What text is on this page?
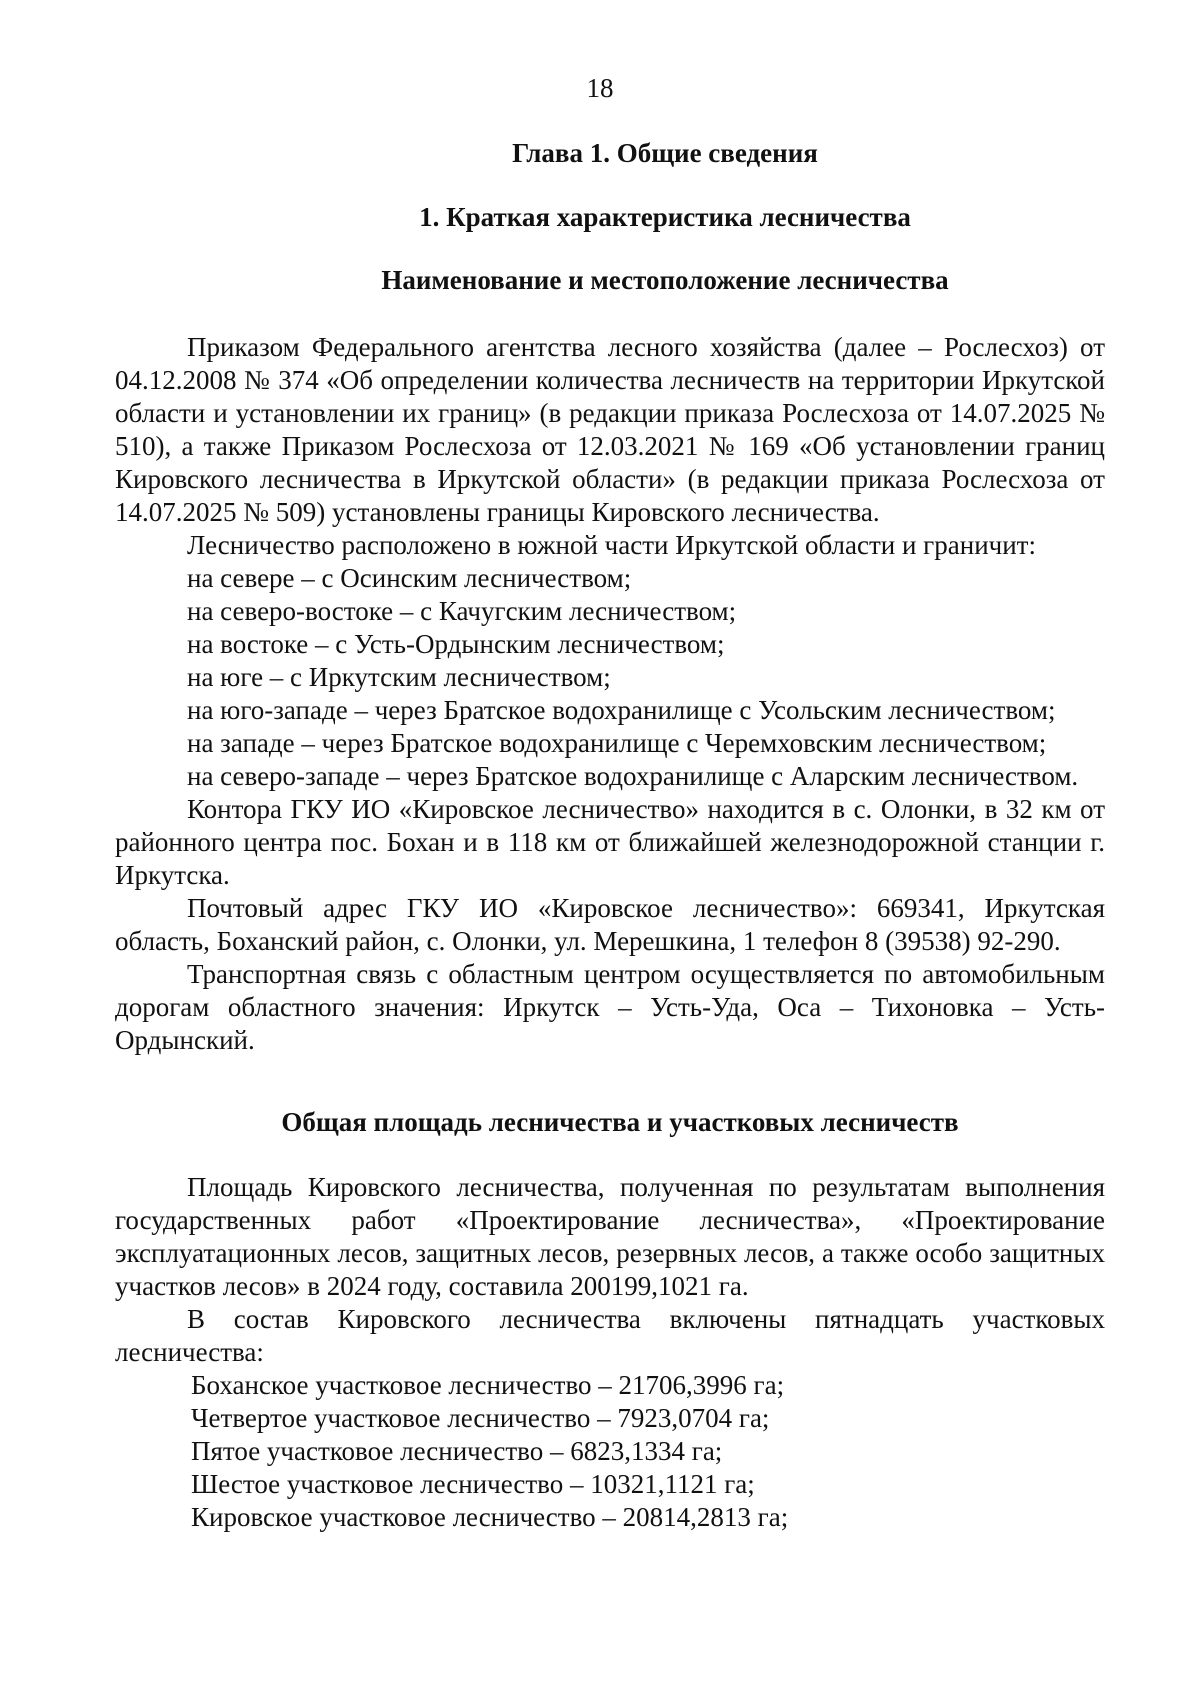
18
Глава 1. Общие сведения
1. Краткая характеристика лесничества
Наименование и местоположение лесничества

Приказом Федерального агентства лесного хозяйства (далее – Рослесхоз) от 04.12.2008 № 374 «Об определении количества лесничеств на территории Иркутской области и установлении их границ» (в редакции приказа Рослесхоза от 14.07.2025 № 510), а также Приказом Рослесхоза от 12.03.2021 № 169 «Об установлении границ Кировского лесничества в Иркутской области» (в редакции приказа Рослесхоза от 14.07.2025 № 509) установлены границы Кировского лесничества.

Лесничество расположено в южной части Иркутской области и граничит:

на севере – с Осинским лесничеством;

на северо-востоке – с Качугским лесничеством;

на востоке – с Усть-Ордынским лесничеством;

на юге – с Иркутским лесничеством;

на юго-западе – через Братское водохранилище с Усольским лесничеством;

на западе – через Братское водохранилище с Черемховским лесничеством;

на северо-западе – через Братское водохранилище с Аларским лесничеством.

Контора ГКУ ИО «Кировское лесничество» находится в с. Олонки, в 32 км от районного центра пос. Бохан и в 118 км от ближайшей железнодорожной станции г. Иркутска.

Почтовый адрес ГКУ ИО «Кировское лесничество»: 669341, Иркутская область, Боханский район, с. Олонки, ул. Мерешкина, 1 телефон 8 (39538) 92-290.

Транспортная связь с областным центром осуществляется по автомобильным дорогам областного значения: Иркутск – Усть-Уда, Оса – Тихоновка – Усть-Ордынский.

Общая площадь лесничества и участковых лесничеств

Площадь Кировского лесничества, полученная по результатам выполнения государственных работ «Проектирование лесничества», «Проектирование эксплуатационных лесов, защитных лесов, резервных лесов, а также особо защитных участков лесов» в 2024 году, составила 200199,1021 га.

В состав Кировского лесничества включены пятнадцать участковых лесничества:

Боханское участковое лесничество – 21706,3996 га;

Четвертое участковое лесничество – 7923,0704 га;

Пятое участковое лесничество – 6823,1334 га;

Шестое участковое лесничество – 10321,1121 га;

Кировское участковое лесничество – 20814,2813 га;
